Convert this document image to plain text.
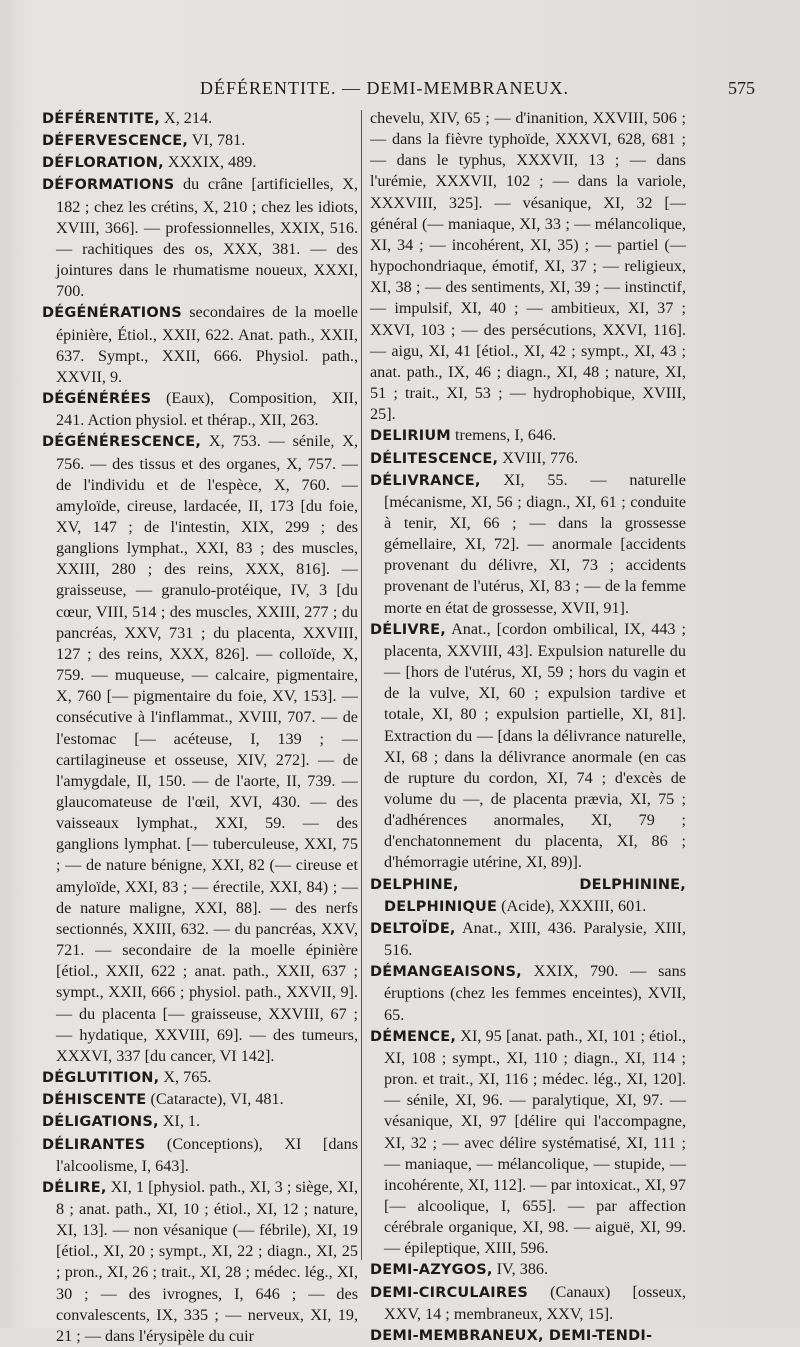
DÉFÉRENTITE. — DEMI-MEMBRANEUX.	575

DÉFÉRENTITE, X, 214.

DÉFERVESCENCE, VI, 781.

DÉFLORATION, XXXIX, 489.

DÉFORMATIONS du crâne [artificielles, X, 182 ; chez les crétins, X, 210 ; chez les idiots, XVIII, 366]. — professionnelles, XXIX, 516. — rachitiques des os, XXX, 381. — des jointures dans le rhumatisme noueux, XXXI, 700.

DÉGÉNÉRATIONS secondaires de la moelle épinière, Étiol., XXII, 622. Anat. path., XXII, 637. Sympt., XXII, 666. Physiol. path., XXVII, 9.

DÉGÉNÉRÉES (Eaux), Composition, XII, 241. Action physiol. et thérap., XII, 263.

DÉGÉNÉRESCENCE, X, 753. — sénile, X, 756. — des tissus et des organes, X, 757. — de l'individu et de l'espèce, X, 760. — amyloïde, cireuse, lardacée, II, 173 [du foie, XV, 147 ; de l'intestin, XIX, 299 ; des ganglions lymphat., XXI, 83 ; des muscles, XXIII, 280 ; des reins, XXX, 816]. — graisseuse, — granulo-protéique, IV, 3 [du cœur, VIII, 514 ; des muscles, XXIII, 277 ; du pancréas, XXV, 731 ; du placenta, XXVIII, 127 ; des reins, XXX, 826]. — colloïde, X, 759. — muqueuse, — calcaire, pigmentaire, X, 760 [— pigmentaire du foie, XV, 153]. — consécutive à l'inflammat., XVIII, 707. — de l'estomac [— acéteuse, I, 139 ; — cartilagineuse et osseuse, XIV, 272]. — de l'amygdale, II, 150. — de l'aorte, II, 739. — glaucomateuse de l'œil, XVI, 430. — des vaisseaux lymphat., XXI, 59. — des ganglions lymphat. [— tuberculeuse, XXI, 75 ; — de nature bénigne, XXI, 82 (— cireuse et amyloïde, XXI, 83 ; — érectile, XXI, 84) ; — de nature maligne, XXI, 88]. — des nerfs sectionnés, XXIII, 632. — du pancréas, XXV, 721. — secondaire de la moelle épinière [étiol., XXII, 622 ; anat. path., XXII, 637 ; sympt., XXII, 666 ; physiol. path., XXVII, 9]. — du placenta [— graisseuse, XXVIII, 67 ; — hydatique, XXVIII, 69]. — des tumeurs, XXXVI, 337 [du cancer, VI 142].

DÉGLUTITION, X, 765.

DÉHISCENTE (Cataracte), VI, 481.

DÉLIGATIONS, XI, 1.

DÉLIRANTES (Conceptions), XI [dans l'alcoolisme, I, 643].

DÉLIRE, XI, 1 [physiol. path., XI, 3 ; siège, XI, 8 ; anat. path., XI, 10 ; étiol., XI, 12 ; nature, XI, 13]. — non vésanique (— fébrile), XI, 19 [étiol., XI, 20 ; sympt., XI, 22 ; diagn., XI, 25 ; pron., XI, 26 ; trait., XI, 28 ; médec. lég., XI, 30 ; — des ivrognes, I, 646 ; — des convalescents, IX, 335 ; — nerveux, XI, 19, 21 ; — dans l'érysipèle du cuir

chevelu, XIV, 65 ; — d'inanition, XXVIII, 506 ; — dans la fièvre typhoïde, XXXVI, 628, 681 ; — dans le typhus, XXXVII, 13 ; — dans l'urémie, XXXVII, 102 ; — dans la variole, XXXVIII, 325]. — vésanique, XI, 32 [— général (— maniaque, XI, 33 ; — mélancolique, XI, 34 ; — incohérent, XI, 35) ; — partiel (— hypochondriaque, émotif, XI, 37 ; — religieux, XI, 38 ; — des sentiments, XI, 39 ; — instinctif, — impulsif, XI, 40 ; — ambitieux, XI, 37 ; XXVI, 103 ; — des persécutions, XXVI, 116]. — aigu, XI, 41 [étiol., XI, 42 ; sympt., XI, 43 ; anat. path., IX, 46 ; diagn., XI, 48 ; nature, XI, 51 ; trait., XI, 53 ; — hydrophobique, XVIII, 25].

DELIRIUM tremens, I, 646.

DÉLITESCENCE, XVIII, 776.

DÉLIVRANCE, XI, 55. — naturelle [mécanisme, XI, 56 ; diagn., XI, 61 ; conduite à tenir, XI, 66 ; — dans la grossesse gémellaire, XI, 72]. — anormale [accidents provenant du délivre, XI, 73 ; accidents provenant de l'utérus, XI, 83 ; — de la femme morte en état de grossesse, XVII, 91].

DÉLIVRE, Anat., [cordon ombilical, IX, 443 ; placenta, XXVIII, 43]. Expulsion naturelle du — [hors de l'utérus, XI, 59 ; hors du vagin et de la vulve, XI, 60 ; expulsion tardive et totale, XI, 80 ; expulsion partielle, XI, 81]. Extraction du — [dans la délivrance naturelle, XI, 68 ; dans la délivrance anormale (en cas de rupture du cordon, XI, 74 ; d'excès de volume du —, de placenta prævia, XI, 75 ; d'adhérences anormales, XI, 79 ; d'enchatonnement du placenta, XI, 86 ; d'hémorragie utérine, XI, 89)].

DELPHINE, DELPHININE, DELPHINIQUE (Acide), XXXIII, 601.

DELTOÏDE, Anat., XIII, 436. Paralysie, XIII, 516.

DÉMANGEAISONS, XXIX, 790. — sans éruptions (chez les femmes enceintes), XVII, 65.

DÉMENCE, XI, 95 [anat. path., XI, 101 ; étiol., XI, 108 ; sympt., XI, 110 ; diagn., XI, 114 ; pron. et trait., XI, 116 ; médec. lég., XI, 120]. — sénile, XI, 96. — paralytique, XI, 97. — vésanique, XI, 97 [délire qui l'accompagne, XI, 32 ; — avec délire systématisé, XI, 111 ; — maniaque, — mélancolique, — stupide, — incohérente, XI, 112]. — par intoxicat., XI, 97 [— alcoolique, I, 655]. — par affection cérébrale organique, XI, 98. — aiguë, XI, 99. — épileptique, XIII, 596.

DEMI-AZYGOS, IV, 386.

DEMI-CIRCULAIRES (Canaux) [osseux, XXV, 14 ; membraneux, XXV, 15].

DEMI-MEMBRANEUX, DEMI-TENDI-
